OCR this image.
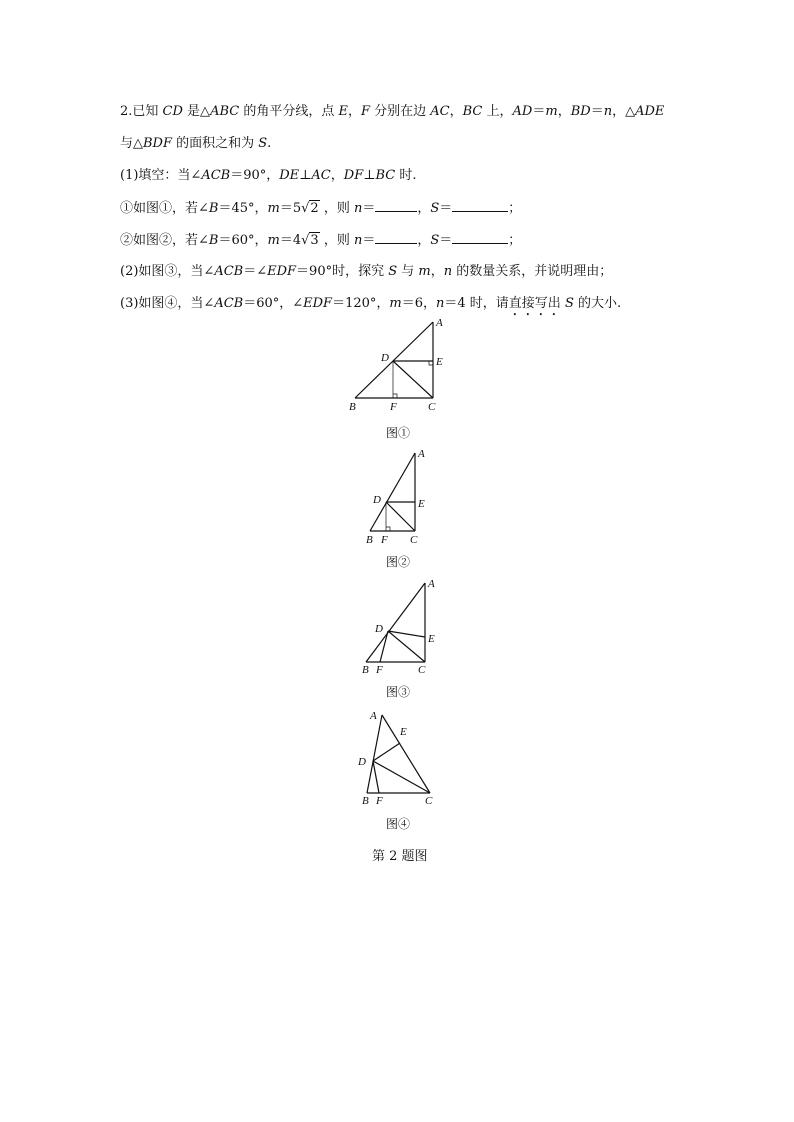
2.已知 CD 是△ABC 的角平分线，点 E，F 分别在边 AC，BC 上，AD＝m，BD＝n，△ADE
与△BDF 的面积之和为 S.
(1)填空：当∠ACB＝90°，DE⊥AC，DF⊥BC 时.
①如图①，若∠B＝45°，m＝5√2 ，则 n＝	，S＝	；
②如图②，若∠B＝60°，m＝4√3 ，则 n＝	，S＝	；
(2)如图③，当∠ACB＝∠EDF＝90°时，探究 S 与 m，n 的数量关系，并说明理由；
(3)如图④，当∠ACB＝60°，∠EDF＝120°，m＝6，n＝4 时，请直接写出 S 的大小.
A
D	E
B	F	C
图①
A
D	E
B F C
图②
A
D
E
B F	C
图③
A
E
D
B F	C
图④
第 2 题图
